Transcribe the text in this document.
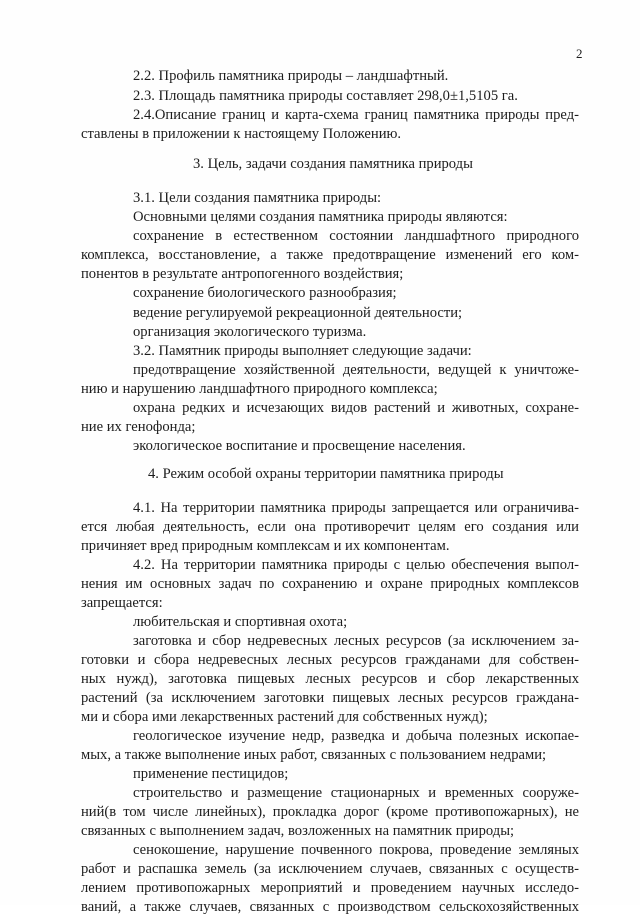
2
2.2. Профиль памятника природы – ландшафтный.
2.3. Площадь памятника природы составляет 298,0±1,5105 га.
2.4.Описание границ и карта-схема границ памятника природы пред-
ставлены в приложении к настоящему Положению.
3. Цель, задачи создания памятника природы
3.1. Цели создания памятника природы:
Основными целями создания памятника природы являются:
сохранение в естественном состоянии ландшафтного природного
комплекса, восстановление, а также предотвращение изменений его ком-
понентов в результате антропогенного воздействия;
сохранение биологического разнообразия;
ведение регулируемой рекреационной деятельности;
организация экологического туризма.
3.2. Памятник природы выполняет следующие задачи:
предотвращение хозяйственной деятельности, ведущей к уничтоже-
нию и нарушению ландшафтного природного комплекса;
охрана редких и исчезающих видов растений и животных, сохране-
ние их генофонда;
экологическое воспитание и просвещение населения.
4. Режим особой охраны территории памятника природы
4.1. На территории памятника природы запрещается или ограничива-
ется любая деятельность, если она противоречит целям его создания или
причиняет вред природным комплексам и их компонентам.
4.2. На территории памятника природы с целью обеспечения выпол-
нения им основных задач по сохранению и охране природных комплексов
запрещается:
любительская и спортивная охота;
заготовка и сбор недревесных лесных ресурсов (за исключением за-
готовки и сбора недревесных лесных ресурсов гражданами для собствен-
ных нужд), заготовка пищевых лесных ресурсов и сбор лекарственных
растений (за исключением заготовки пищевых лесных ресурсов граждана-
ми и сбора ими лекарственных растений для собственных нужд);
геологическое изучение недр, разведка и добыча полезных ископае-
мых, а также выполнение иных работ, связанных с пользованием недрами;
применение пестицидов;
строительство и размещение стационарных и временных сооруже-
ний(в том числе линейных), прокладка дорог (кроме противопожарных), не
связанных с выполнением задач, возложенных на памятник природы;
сенокошение, нарушение почвенного покрова, проведение земляных
работ и распашка земель (за исключением случаев, связанных с осуществ-
лением противопожарных мероприятий и проведением научных исследо-
ваний, а также случаев, связанных с производством сельскохозяйственных
